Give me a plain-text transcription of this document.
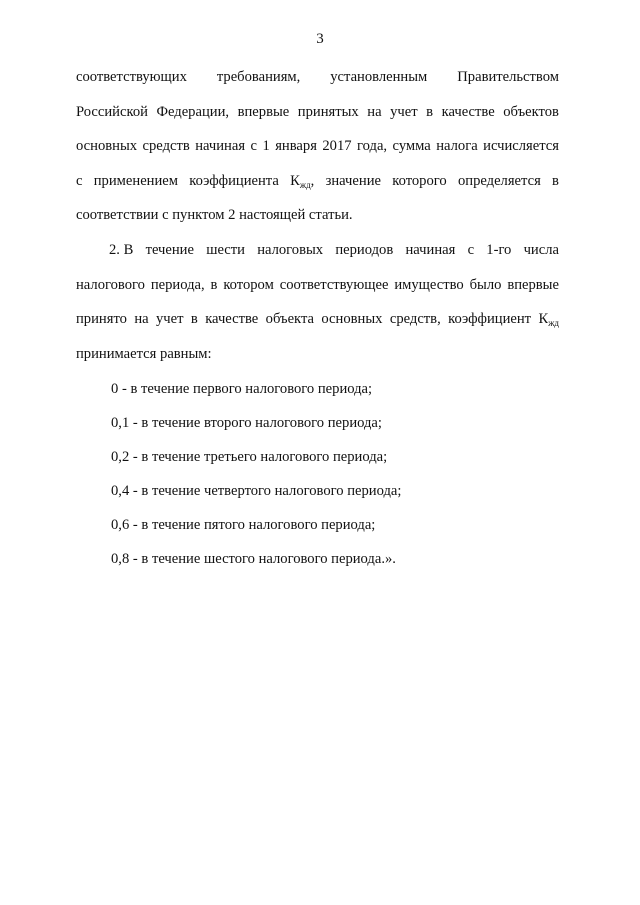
3
соответствующих требованиям, установленным Правительством
Российской Федерации, впервые принятых на учет в качестве объектов
основных средств начиная с 1 января 2017 года, сумма налога исчисляется
с применением коэффициента $К_{жд}$, значение которого определяется в
соответствии с пунктом 2 настоящей статьи.
2. В течение шести налоговых периодов начиная с 1-го числа
налогового периода, в котором соответствующее имущество было впервые
принято на учет в качестве объекта основных средств, коэффициент $К_{жд}$
принимается равным:
0 - в течение первого налогового периода;
0,1 - в течение второго налогового периода;
0,2 - в течение третьего налогового периода;
0,4 - в течение четвертого налогового периода;
0,6 - в течение пятого налогового периода;
0,8 - в течение шестого налогового периода.».
